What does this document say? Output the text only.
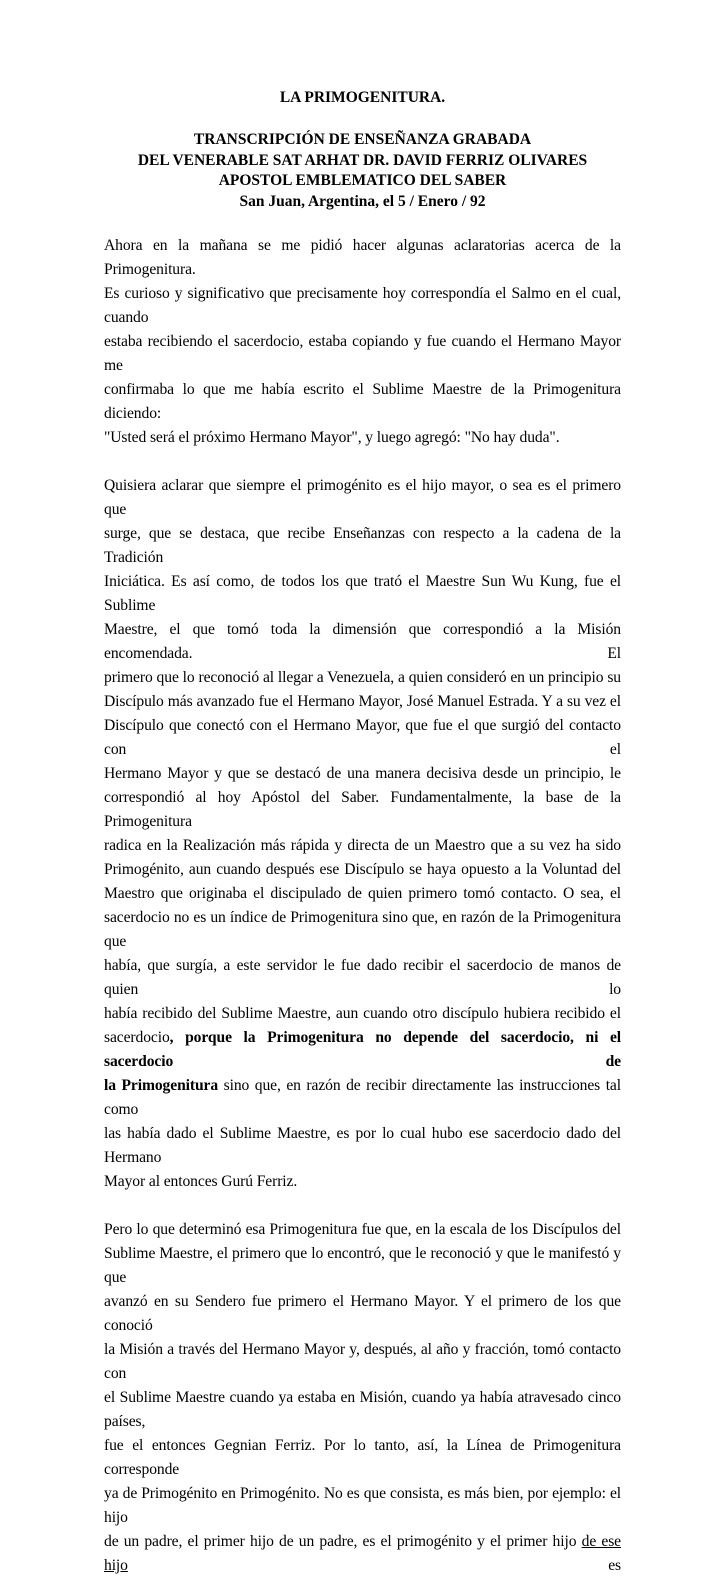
LA PRIMOGENITURA.

TRANSCRIPCIÓN DE ENSEÑANZA GRABADA
DEL VENERABLE SAT ARHAT DR. DAVID FERRIZ OLIVARES
APOSTOL EMBLEMATICO DEL SABER
San Juan, Argentina, el 5 / Enero / 92
Ahora en la mañana se me pidió hacer algunas aclaratorias acerca de la Primogenitura.
Es curioso y significativo que precisamente hoy correspondía el Salmo en el cual, cuando
estaba recibiendo el sacerdocio, estaba copiando y fue cuando el Hermano Mayor me
confirmaba lo que me había escrito el Sublime Maestre de la Primogenitura diciendo:
"Usted será el próximo Hermano Mayor", y luego agregó: "No hay duda".
Quisiera aclarar que siempre el primogénito es el hijo mayor, o sea es el primero que
surge, que se destaca, que recibe Enseñanzas con respecto a la cadena de la Tradición
Iniciática. Es así como, de todos los que trató el Maestre Sun Wu Kung, fue el Sublime
Maestre, el que tomó toda la dimensión que correspondió a la Misión encomendada. El
primero que lo reconoció al llegar a Venezuela, a quien consideró en un principio su
Discípulo más avanzado fue el Hermano Mayor, José Manuel Estrada. Y a su vez el
Discípulo que conectó con el Hermano Mayor, que fue el que surgió del contacto con el
Hermano Mayor y que se destacó de una manera decisiva desde un principio, le
correspondió al hoy Apóstol del Saber. Fundamentalmente, la base de la Primogenitura
radica en la Realización más rápida y directa de un Maestro que a su vez ha sido
Primogénito, aun cuando después ese Discípulo se haya opuesto a la Voluntad del
Maestro que originaba el discipulado de quien primero tomó contacto. O sea, el
sacerdocio no es un índice de Primogenitura sino que, en razón de la Primogenitura que
había, que surgía, a este servidor le fue dado recibir el sacerdocio de manos de quien lo
había recibido del Sublime Maestre, aun cuando otro discípulo hubiera recibido el
sacerdocio, porque la Primogenitura no depende del sacerdocio, ni el sacerdocio de
la Primogenitura sino que, en razón de recibir directamente las instrucciones tal como
las había dado el Sublime Maestre, es por lo cual hubo ese sacerdocio dado del Hermano
Mayor al entonces Gurú Ferriz.
Pero lo que determinó esa Primogenitura fue que, en la escala de los Discípulos del
Sublime Maestre, el primero que lo encontró, que le reconoció y que le manifestó y que
avanzó en su Sendero fue primero el Hermano Mayor. Y el primero de los que conoció
la Misión a través del Hermano Mayor y, después, al año y fracción, tomó contacto con
el Sublime Maestre cuando ya estaba en Misión, cuando ya había atravesado cinco países,
fue el entonces Gegnian Ferriz. Por lo tanto, así, la Línea de Primogenitura corresponde
ya de Primogénito en Primogénito. No es que consista, es más bien, por ejemplo: el hijo
de un padre, el primer hijo de un padre, es el primogénito y el primer hijo de ese hijo es
